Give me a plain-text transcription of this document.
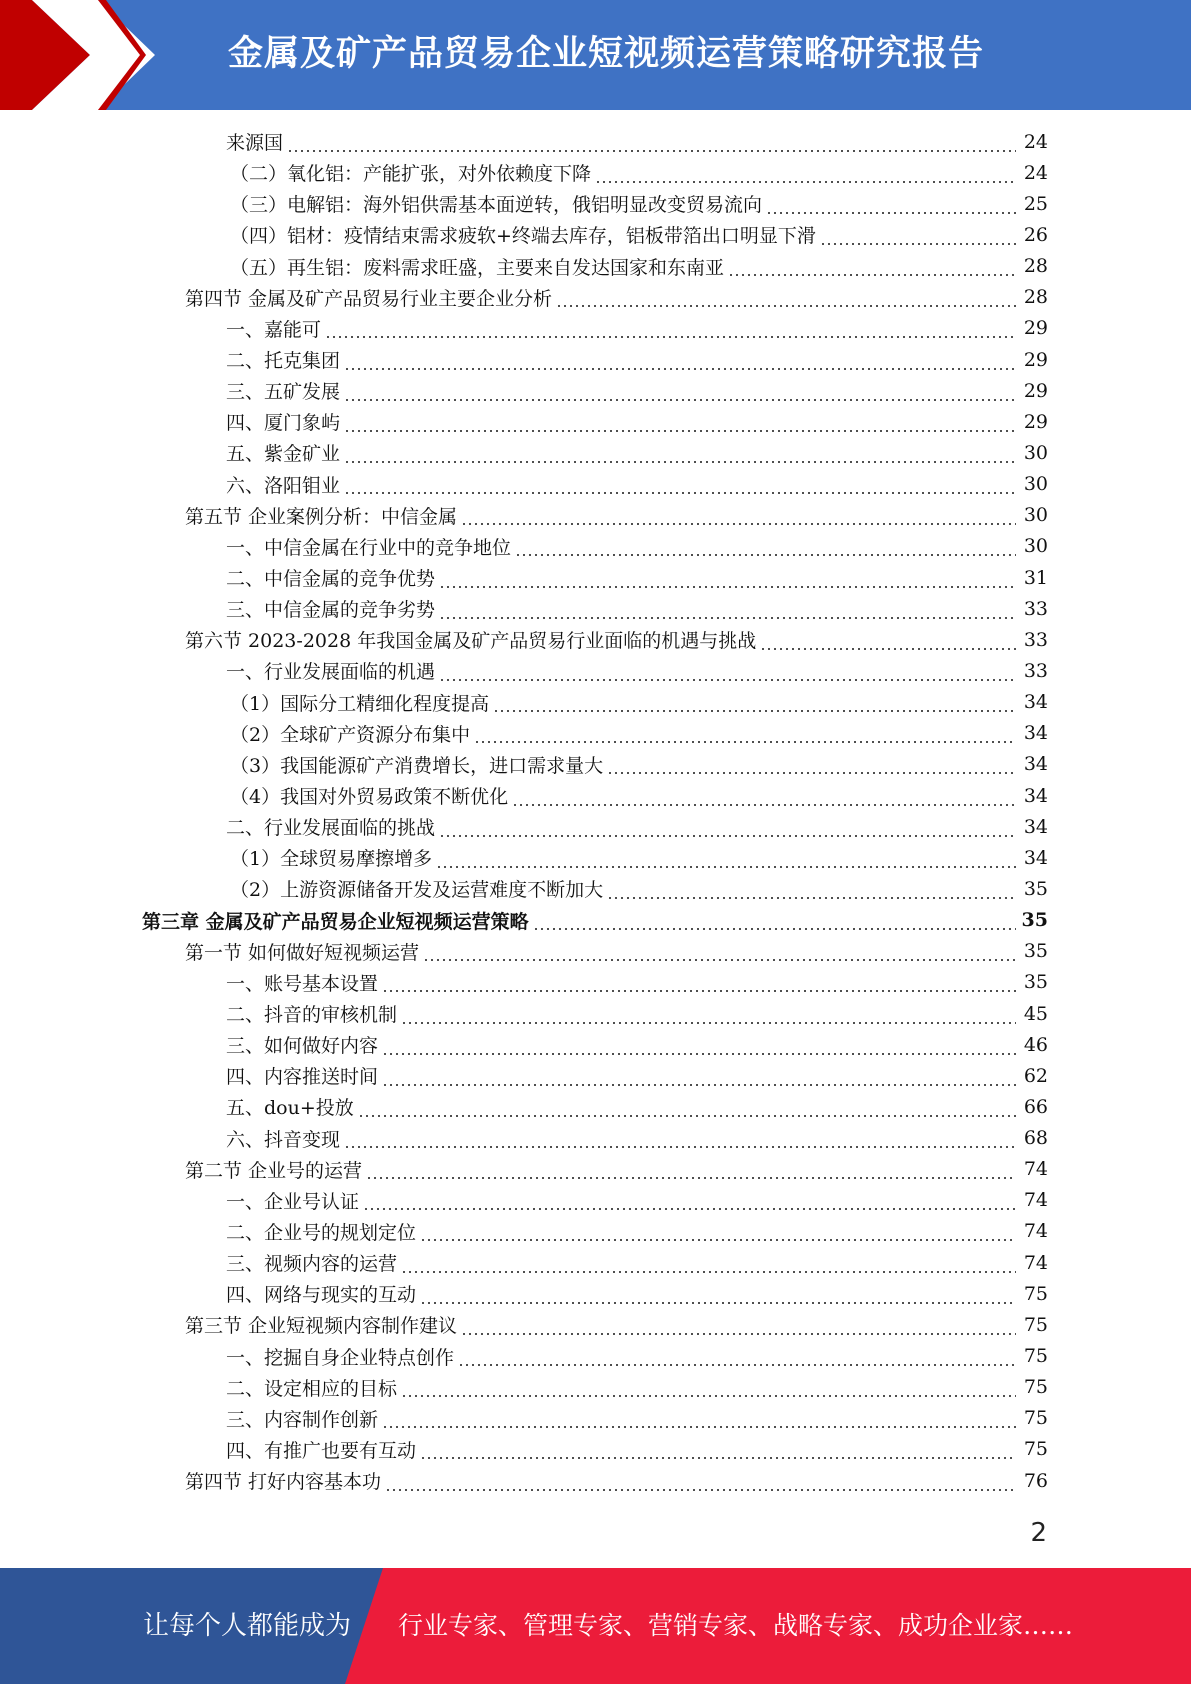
金属及矿产品贸易企业短视频运营策略研究报告
来源国	24
（二）氧化铝：产能扩张，对外依赖度下降	24
（三）电解铝：海外铝供需基本面逆转，俄铝明显改变贸易流向	25
（四）铝材：疫情结束需求疲软+终端去库存，铝板带箔出口明显下滑	26
（五）再生铝：废料需求旺盛，主要来自发达国家和东南亚	28
第四节 金属及矿产品贸易行业主要企业分析	28
一、嘉能可	29
二、托克集团	29
三、五矿发展	29
四、厦门象屿	29
五、紫金矿业	30
六、洛阳钼业	30
第五节 企业案例分析：中信金属	30
一、中信金属在行业中的竞争地位	30
二、中信金属的竞争优势	31
三、中信金属的竞争劣势	33
第六节 2023-2028 年我国金属及矿产品贸易行业面临的机遇与挑战	33
一、行业发展面临的机遇	33
（1）国际分工精细化程度提高	34
（2）全球矿产资源分布集中	34
（3）我国能源矿产消费增长，进口需求量大	34
（4）我国对外贸易政策不断优化	34
二、行业发展面临的挑战	34
（1）全球贸易摩擦增多	34
（2）上游资源储备开发及运营难度不断加大	35
第三章 金属及矿产品贸易企业短视频运营策略	35
第一节 如何做好短视频运营	35
一、账号基本设置	35
二、抖音的审核机制	45
三、如何做好内容	46
四、内容推送时间	62
五、dou+投放	66
六、抖音变现	68
第二节 企业号的运营	74
一、企业号认证	74
二、企业号的规划定位	74
三、视频内容的运营	74
四、网络与现实的互动	75
第三节 企业短视频内容制作建议	75
一、挖掘自身企业特点创作	75
二、设定相应的目标	75
三、内容制作创新	75
四、有推广也要有互动	75
第四节 打好内容基本功	76
2
让每个人都能成为 行业专家、管理专家、营销专家、战略专家、成功企业家……
